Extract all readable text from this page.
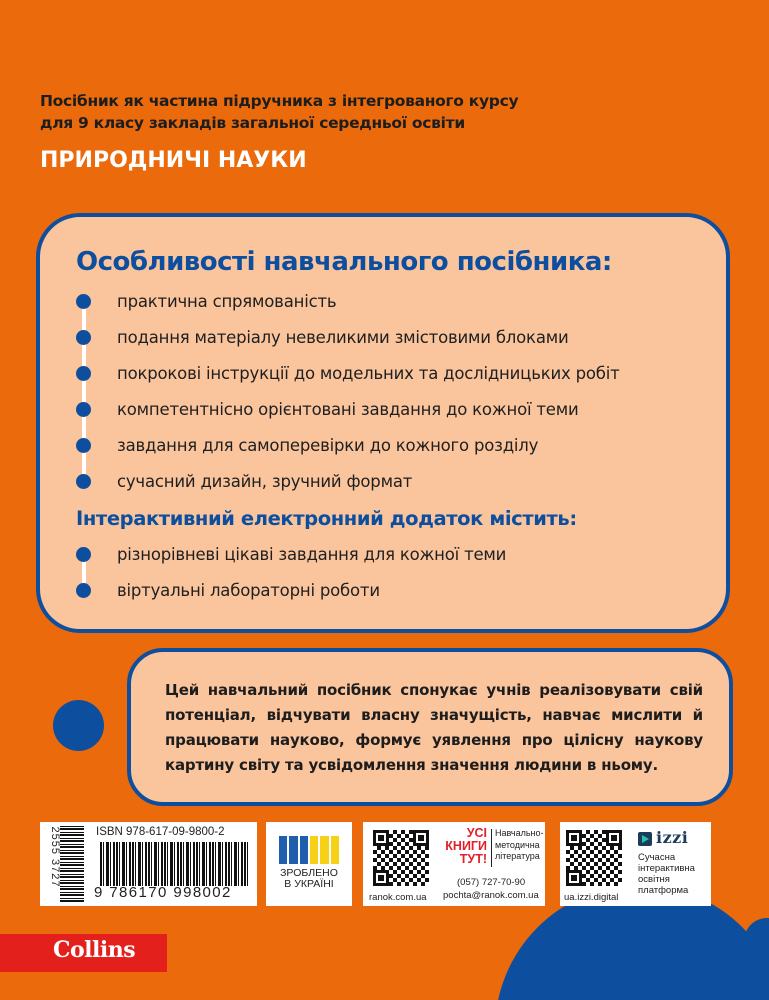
Посібник як частина підручника з інтегрованого курсу
для 9 класу закладів загальної середньої освіти
ПРИРОДНИЧІ НАУКИ
Особливості навчального посібника:
практична спрямованість
подання матеріалу невеликими змістовими блоками
покрокові інструкції до модельних та дослідницьких робіт
компетентнісно орієнтовані завдання до кожної теми
завдання для самоперевірки до кожного розділу
сучасний дизайн, зручний формат
Інтерактивний електронний додаток містить:
різнорівневі цікаві завдання для кожної теми
віртуальні лабораторні роботи
Цей навчальний посібник спонукає учнів реалізовувати свій потенціал, відчувати власну значущість, навчає мислити й працювати науково, формує уявлення про цілісну наукову картину світу та усвідомлення значення людини в ньому.
2555 3727	ISBN 978-617-09-9800-2
9 786170 998002
ЗРОБЛЕНО
В УКРАЇНІ
УСІ
КНИГИ
ТУТ!
Навчально-
методична
література
(057) 727-70-90
ranok.com.ua pochta@ranok.com.ua
izzi
Сучасна
інтерактивна
освітня
платформа
ua.izzi.digital
Collins
